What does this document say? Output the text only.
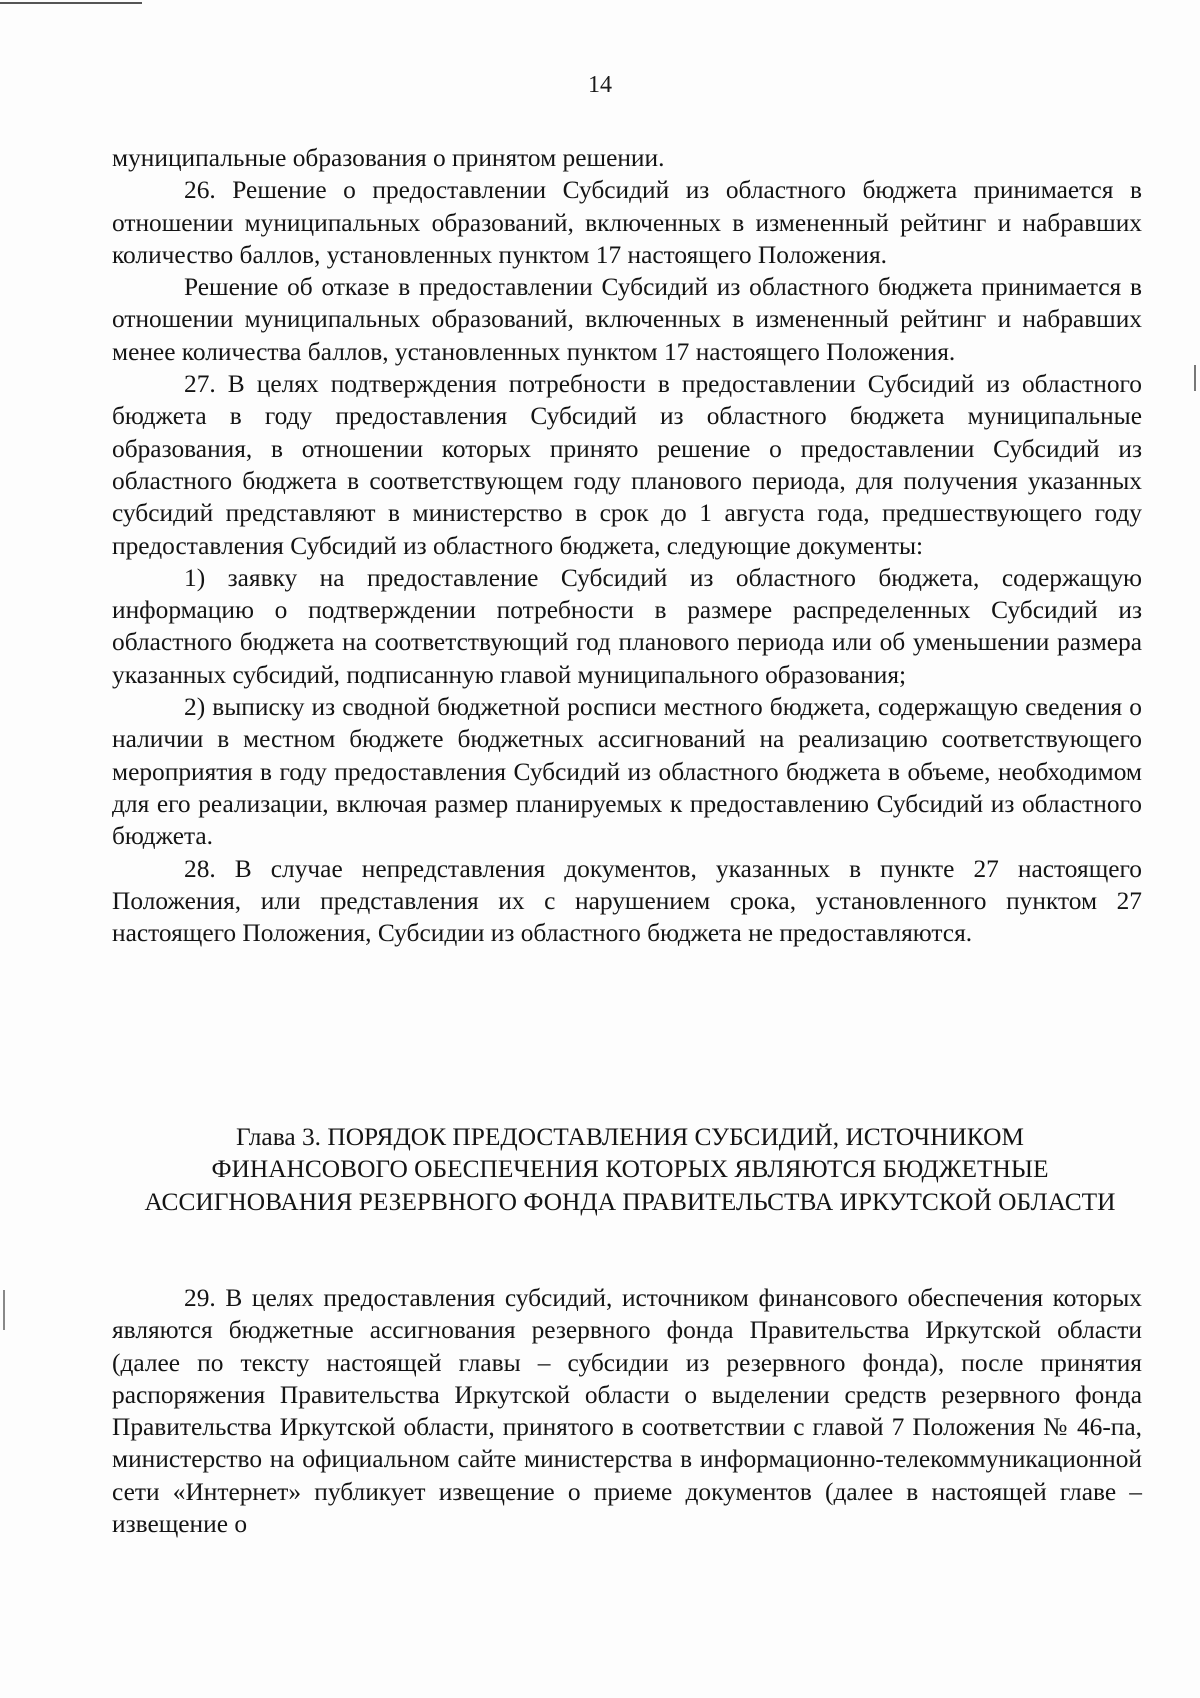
14

муниципальные образования о принятом решении.

26. Решение о предоставлении Субсидий из областного бюджета принимается в отношении муниципальных образований, включенных в измененный рейтинг и набравших количество баллов, установленных пунктом 17 настоящего Положения.

Решение об отказе в предоставлении Субсидий из областного бюджета принимается в отношении муниципальных образований, включенных в измененный рейтинг и набравших менее количества баллов, установленных пунктом 17 настоящего Положения.

27. В целях подтверждения потребности в предоставлении Субсидий из областного бюджета в году предоставления Субсидий из областного бюджета муниципальные образования, в отношении которых принято решение о предоставлении Субсидий из областного бюджета в соответствующем году планового периода, для получения указанных субсидий представляют в министерство в срок до 1 августа года, предшествующего году предоставления Субсидий из областного бюджета, следующие документы:

1) заявку на предоставление Субсидий из областного бюджета, содержащую информацию о подтверждении потребности в размере распределенных Субсидий из областного бюджета на соответствующий год планового периода или об уменьшении размера указанных субсидий, подписанную главой муниципального образования;

2) выписку из сводной бюджетной росписи местного бюджета, содержащую сведения о наличии в местном бюджете бюджетных ассигнований на реализацию соответствующего мероприятия в году предоставления Субсидий из областного бюджета в объеме, необходимом для его реализации, включая размер планируемых к предоставлению Субсидий из областного бюджета.

28. В случае непредставления документов, указанных в пункте 27 настоящего Положения, или представления их с нарушением срока, установленного пунктом 27 настоящего Положения, Субсидии из областного бюджета не предоставляются.

Глава 3. ПОРЯДОК ПРЕДОСТАВЛЕНИЯ СУБСИДИЙ, ИСТОЧНИКОМ ФИНАНСОВОГО ОБЕСПЕЧЕНИЯ КОТОРЫХ ЯВЛЯЮТСЯ БЮДЖЕТНЫЕ АССИГНОВАНИЯ РЕЗЕРВНОГО ФОНДА ПРАВИТЕЛЬСТВА ИРКУТСКОЙ ОБЛАСТИ

29. В целях предоставления субсидий, источником финансового обеспечения которых являются бюджетные ассигнования резервного фонда Правительства Иркутской области (далее по тексту настоящей главы – субсидии из резервного фонда), после принятия распоряжения Правительства Иркутской области о выделении средств резервного фонда Правительства Иркутской области, принятого в соответствии с главой 7 Положения № 46-па, министерство на официальном сайте министерства в информационно-телекоммуникационной сети «Интернет» публикует извещение о приеме документов (далее в настоящей главе – извещение о
